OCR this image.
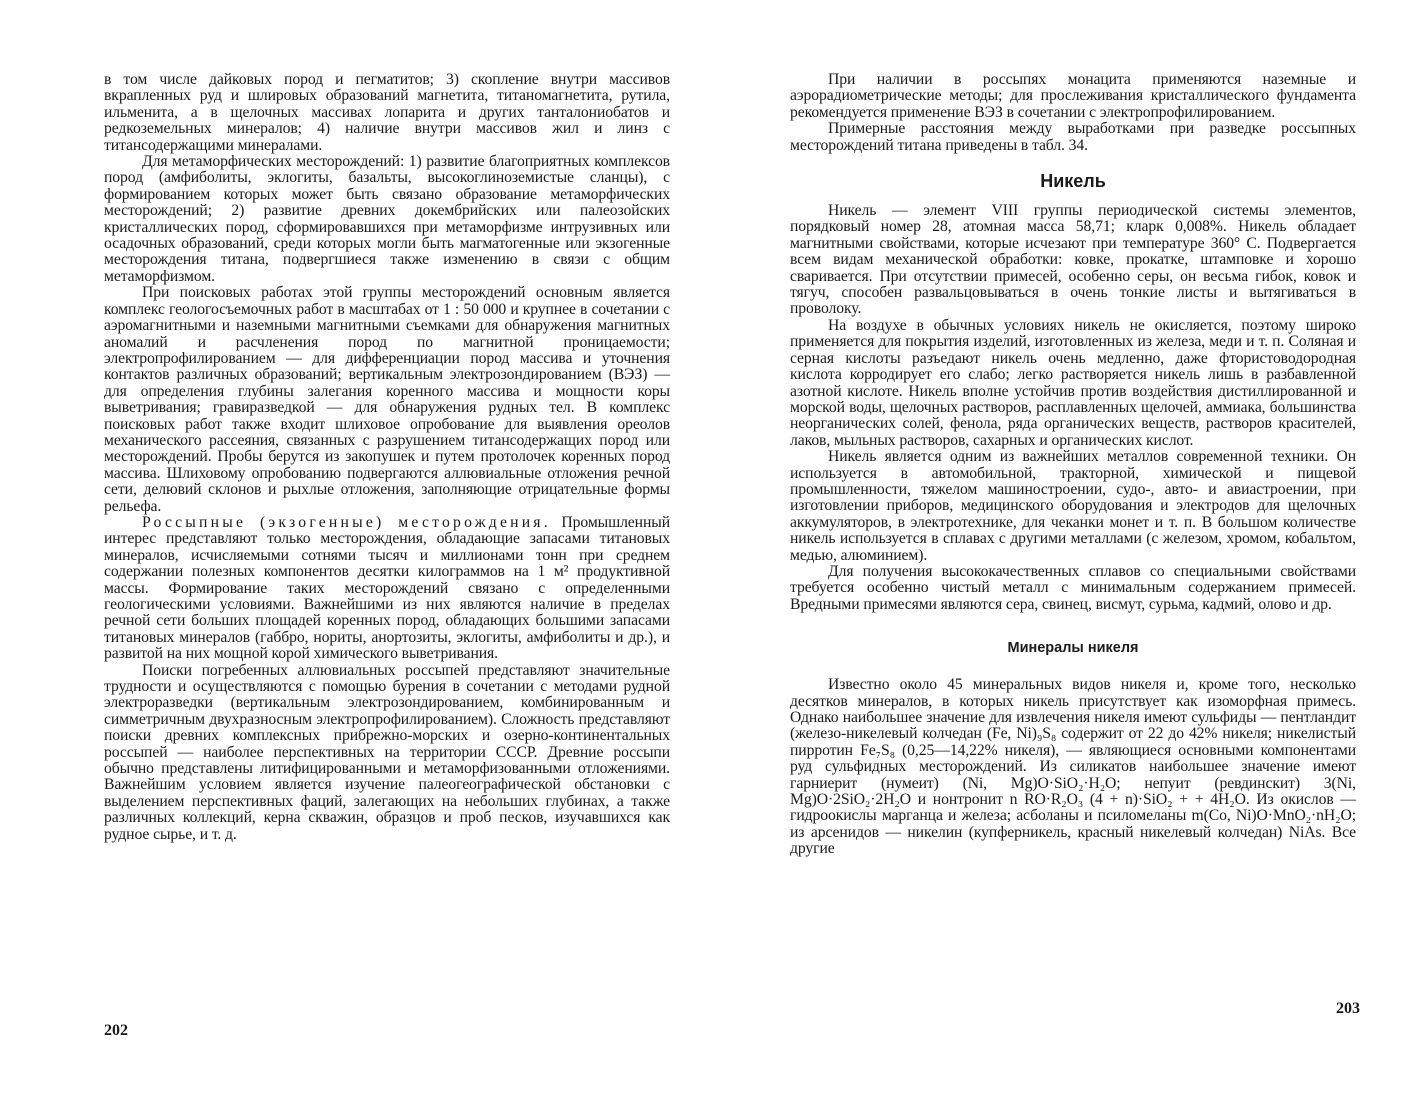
в том числе дайковых пород и пегматитов; 3) скопление внутри массивов вкрапленных руд и шлировых образований магнетита, титаномагнетита, рутила, ильменита, а в щелочных массивах лопарита и других танталониобатов и редкоземельных минералов; 4) наличие внутри массивов жил и линз с титансодержащими минералами.

Для метаморфических месторождений: 1) развитие благоприятных комплексов пород (амфиболиты, эклогиты, базальты, высокоглиноземистые сланцы), с формированием которых может быть связано образование метаморфических месторождений; 2) развитие древних докембрийских или палеозойских кристаллических пород, сформировавшихся при метаморфизме интрузивных или осадочных образований, среди которых могли быть магматогенные или экзогенные месторождения титана, подвергшиеся также изменению в связи с общим метаморфизмом.

При поисковых работах этой группы месторождений основным является комплекс геологосъемочных работ в масштабах от 1 : 50 000 и крупнее в сочетании с аэромагнитными и наземными магнитными съемками для обнаружения магнитных аномалий и расчленения пород по магнитной проницаемости; электропрофилированием — для дифференциации пород массива и уточнения контактов различных образований; вертикальным электрозондированием (ВЭЗ) — для определения глубины залегания коренного массива и мощности коры выветривания; гравиразведкой — для обнаружения рудных тел. В комплекс поисковых работ также входит шлиховое опробование для выявления ореолов механического рассеяния, связанных с разрушением титансодержащих пород или месторождений. Пробы берутся из закопушек и путем протолочек коренных пород массива. Шлиховому опробованию подвергаются аллювиальные отложения речной сети, делювий склонов и рыхлые отложения, заполняющие отрицательные формы рельефа.

Россыпные (экзогенные) месторождения. Промышленный интерес представляют только месторождения, обладающие запасами титановых минералов, исчисляемыми сотнями тысяч и миллионами тонн при среднем содержании полезных компонентов десятки килограммов на 1 м² продуктивной массы. Формирование таких месторождений связано с определенными геологическими условиями. Важнейшими из них являются наличие в пределах речной сети больших площадей коренных пород, обладающих большими запасами титановых минералов (габбро, нориты, анортозиты, эклогиты, амфиболиты и др.), и развитой на них мощной корой химического выветривания.

Поиски погребенных аллювиальных россыпей представляют значительные трудности и осуществляются с помощью бурения в сочетании с методами рудной электроразведки (вертикальным электрозондированием, комбинированным и симметричным двухразносным электропрофилированием). Сложность представляют поиски древних комплексных прибрежно-морских и озерно-континентальных россыпей — наиболее перспективных на территории СССР. Древние россыпи обычно представлены литифицированными и метаморфизованными отложениями. Важнейшим условием является изучение палеогеографической обстановки с выделением перспективных фаций, залегающих на небольших глубинах, а также различных коллекций, керна скважин, образцов и проб песков, изучавшихся как рудное сырье, и т. д.

202

При наличии в россыпях монацита применяются наземные и аэрорадиометрические методы; для прослеживания кристаллического фундамента рекомендуется применение ВЭЗ в сочетании с электропрофилированием.

Примерные расстояния между выработками при разведке россыпных месторождений титана приведены в табл. 34.

Никель

Никель — элемент VIII группы периодической системы элементов, порядковый номер 28, атомная масса 58,71; кларк 0,008%. Никель обладает магнитными свойствами, которые исчезают при температуре 360° С. Подвергается всем видам механической обработки: ковке, прокатке, штамповке и хорошо сваривается. При отсутствии примесей, особенно серы, он весьма гибок, ковок и тягуч, способен развальцовываться в очень тонкие листы и вытягиваться в проволоку.

На воздухе в обычных условиях никель не окисляется, поэтому широко применяется для покрытия изделий, изготовленных из железа, меди и т. п. Соляная и серная кислоты разъедают никель очень медленно, даже фтористоводородная кислота корродирует его слабо; легко растворяется никель лишь в разбавленной азотной кислоте. Никель вполне устойчив против воздействия дистиллированной и морской воды, щелочных растворов, расплавленных щелочей, аммиака, большинства неорганических солей, фенола, ряда органических веществ, растворов красителей, лаков, мыльных растворов, сахарных и органических кислот.

Никель является одним из важнейших металлов современной техники. Он используется в автомобильной, тракторной, химической и пищевой промышленности, тяжелом машиностроении, судо-, авто- и авиастроении, при изготовлении приборов, медицинского оборудования и электродов для щелочных аккумуляторов, в электротехнике, для чеканки монет и т. п. В большом количестве никель используется в сплавах с другими металлами (с железом, хромом, кобальтом, медью, алюминием).

Для получения высококачественных сплавов со специальными свойствами требуется особенно чистый металл с минимальным содержанием примесей. Вредными примесями являются сера, свинец, висмут, сурьма, кадмий, олово и др.

Минералы никеля

Известно около 45 минеральных видов никеля и, кроме того, несколько десятков минералов, в которых никель присутствует как изоморфная примесь. Однако наибольшее значение для извлечения никеля имеют сульфиды — пентландит (железо-никелевый колчедан (Fe, Ni)₉S₈ содержит от 22 до 42% никеля; никелистый пирротин Fe₇S₈ (0,25—14,22% никеля), — являющиеся основными компонентами руд сульфидных месторождений. Из силикатов наибольшее значение имеют гарниерит (нумеит) (Ni, Mg)O·SiO₂·H₂O; непуит (ревдинскит) 3(Ni, Mg)O·2SiO₂·2H₂O и нонтронит n RO·R₂O₃ (4 + n)·SiO₂ + + 4H₂O. Из окислов — гидроокислы марганца и железа; асболаны и псиломеланы m(Co, Ni)O·MnO₂·nH₂O; из арсенидов — никелин (купферникель, красный никелевый колчедан) NiAs. Все другие

203
